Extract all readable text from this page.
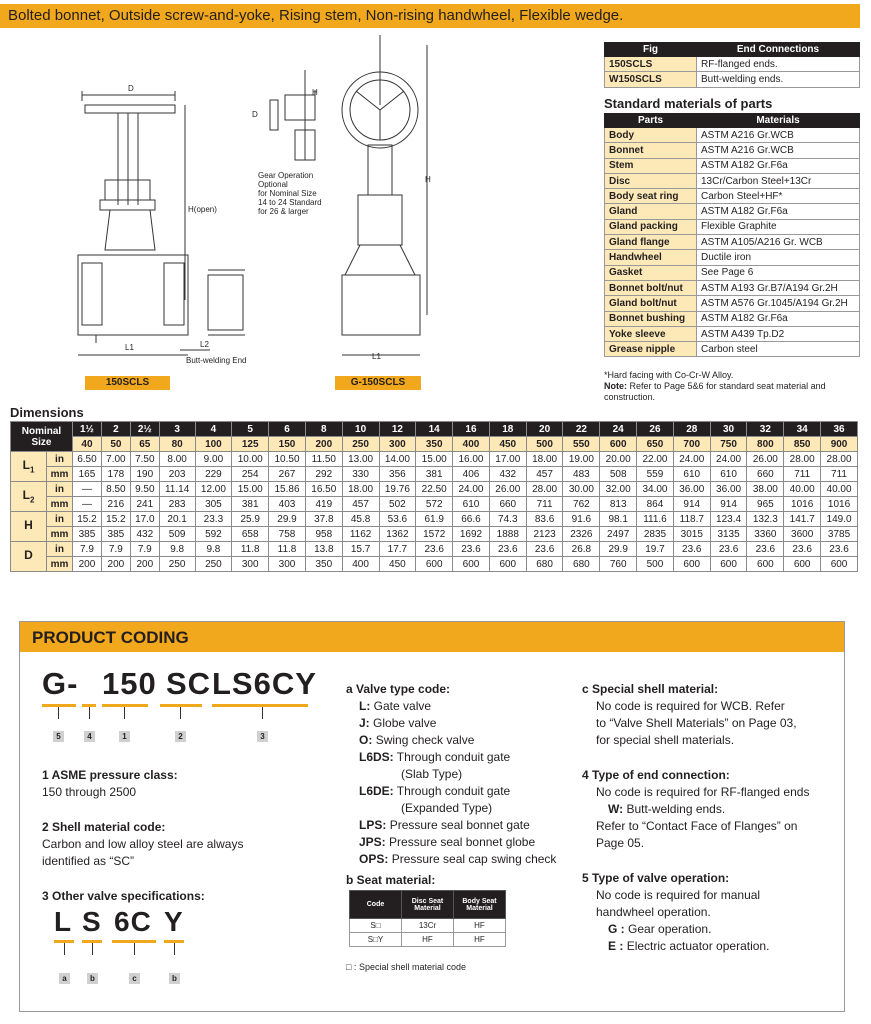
Bolted bonnet, Outside screw-and-yoke, Rising stem, Non-rising handwheel, Flexible wedge.
D
H(open)
L1	L2
Butt-welding End
150SCLS
D
H
Gear Operation
Optional
for Nominal Size
14 to 24 Standard
for 26 & larger
H
L1
G-150SCLS
Fig	End Connections
150SCLS	RF-flanged ends.
W150SCLS	Butt-welding ends.
Standard materials of parts
Parts	Materials
Body	ASTM A216 Gr.WCB
Bonnet	ASTM A216 Gr.WCB
Stem	ASTM A182 Gr.F6a
Disc	13Cr/Carbon Steel+13Cr
Body seat ring	Carbon Steel+HF*
Gland	ASTM A182 Gr.F6a
Gland packing	Flexible Graphite
Gland flange	ASTM A105/A216 Gr. WCB
Handwheel	Ductile iron
Gasket	See Page 6
Bonnet bolt/nut	ASTM A193 Gr.B7/A194 Gr.2H
Gland bolt/nut	ASTM A576 Gr.1045/A194 Gr.2H
Bonnet bushing	ASTM A182 Gr.F6a
Yoke sleeve	ASTM A439 Tp.D2
Grease nipple	Carbon steel
*Hard facing with Co-Cr-W Alloy.
Note: Refer to Page 5&6 for standard seat material and construction.
Dimensions
Nominal Size		1½	2	2½	3	4	5	6	8	10	12	14	16	18	20	22	24	26	28	30	32	34	36
		40	50	65	80	100	125	150	200	250	300	350	400	450	500	550	600	650	700	750	800	850	900
$L_1$	in	6.50	7.00	7.50	8.00	9.00	10.00	10.50	11.50	13.00	14.00	15.00	16.00	17.00	18.00	19.00	20.00	22.00	24.00	24.00	26.00	28.00	28.00
	mm	165	178	190	203	229	254	267	292	330	356	381	406	432	457	483	508	559	610	610	660	711	711
$L_2$	in	—	8.50	9.50	11.14	12.00	15.00	15.86	16.50	18.00	19.76	22.50	24.00	26.00	28.00	30.00	32.00	34.00	36.00	36.00	38.00	40.00	40.00
	mm	—	216	241	283	305	381	403	419	457	502	572	610	660	711	762	813	864	914	914	965	1016	1016
H	in	15.2	15.2	17.0	20.1	23.3	25.9	29.9	37.8	45.8	53.6	61.9	66.6	74.3	83.6	91.6	98.1	111.6	118.7	123.4	132.3	141.7	149.0
	mm	385	385	432	509	592	658	758	958	1162	1362	1572	1692	1888	2123	2326	2497	2835	3015	3135	3360	3600	3785
D	in	7.9	7.9	7.9	9.8	9.8	11.8	11.8	13.8	15.7	17.7	23.6	23.6	23.6	23.6	26.8	29.9	19.7	23.6	23.6	23.6	23.6	23.6
	mm	200	200	200	250	250	300	300	350	400	450	600	600	600	680	680	760	500	600	600	600	600	600
PRODUCT CODING
G- 150 SC LS6CY
5	4	1	2	3
1 ASME pressure class:
150 through 2500
2 Shell material code:
Carbon and low alloy steel are always
identified as “SC”
3 Other valve specifications:
L S 6C Y
a	b	c	b
a Valve type code:
L: Gate valve
J: Globe valve
O: Swing check valve
L6DS: Through conduit gate
(Slab Type)
L6DE: Through conduit gate
(Expanded Type)
LPS: Pressure seal bonnet gate
JPS: Pressure seal bonnet globe
OPS: Pressure seal cap swing check
b Seat material:
Code	Disc Seat Material	Body Seat Material
S□	13Cr	HF
S□Y	HF	HF
□ : Special shell material code
c Special shell material:
No code is required for WCB. Refer
to “Valve Shell Materials” on Page 03,
for special shell materials.
4 Type of end connection:
No code is required for RF-flanged ends
W: Butt-welding ends.
Refer to “Contact Face of Flanges” on
Page 05.
5 Type of valve operation:
No code is required for manual
handwheel operation.
G : Gear operation.
E : Electric actuator operation.
